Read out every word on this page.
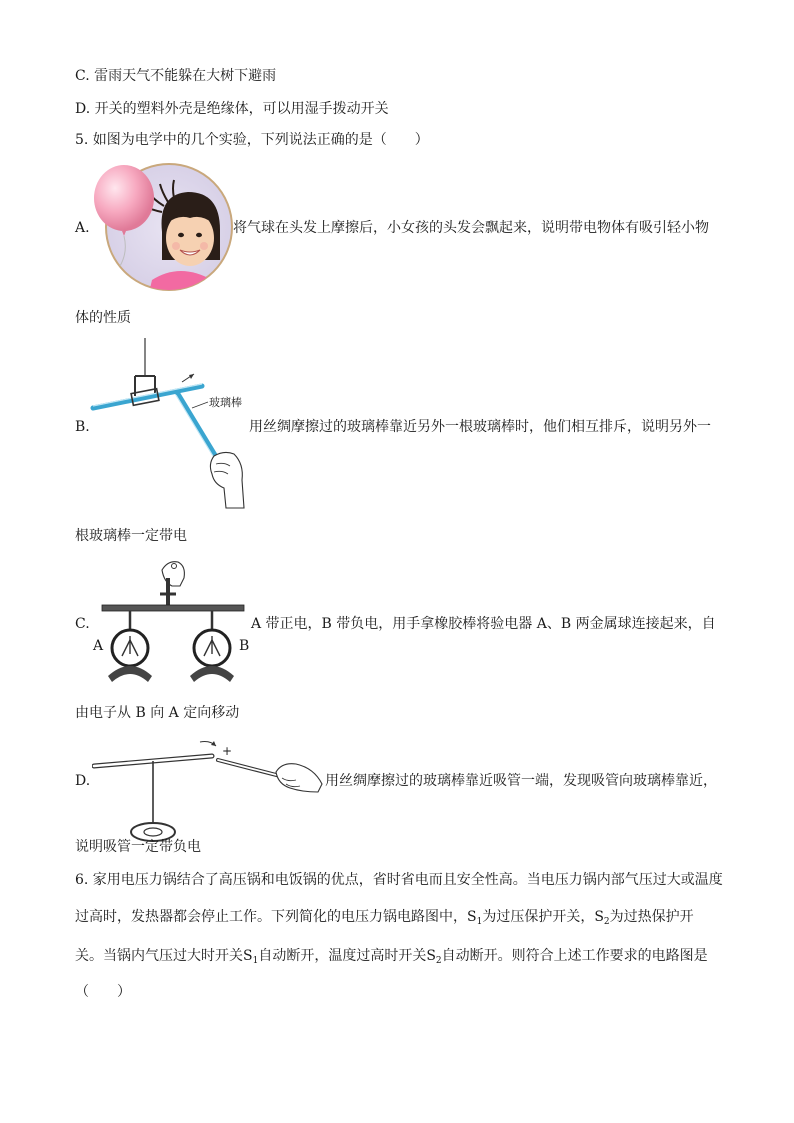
C. 雷雨天气不能躲在大树下避雨
D. 开关的塑料外壳是绝缘体，可以用湿手拨动开关
5. 如图为电学中的几个实验，下列说法正确的是（　　）
A.	将气球在头发上摩擦后，小女孩的头发会飘起来，说明带电物体有吸引轻小物
体的性质
B.
玻璃棒
用丝绸摩擦过的玻璃棒靠近另外一根玻璃棒时，他们相互排斥，说明另外一
根玻璃棒一定带电
C.
A	B
A 带正电，B 带负电，用手拿橡胶棒将验电器 A、B 两金属球连接起来，自
由电子从 B 向 A 定向移动
D.
+
用丝绸摩擦过的玻璃棒靠近吸管一端，发现吸管向玻璃棒靠近，
说明吸管一定带负电
6. 家用电压力锅结合了高压锅和电饭锅的优点，省时省电而且安全性高。当电压力锅内部气压过大或温度
过高时，发热器都会停止工作。下列简化的电压力锅电路图中，$S_1$为过压保护开关，$S_2$为过热保护开
关。当锅内气压过大时开关$S_1$自动断开，温度过高时开关$S_2$自动断开。则符合上述工作要求的电路图是
（　　）
